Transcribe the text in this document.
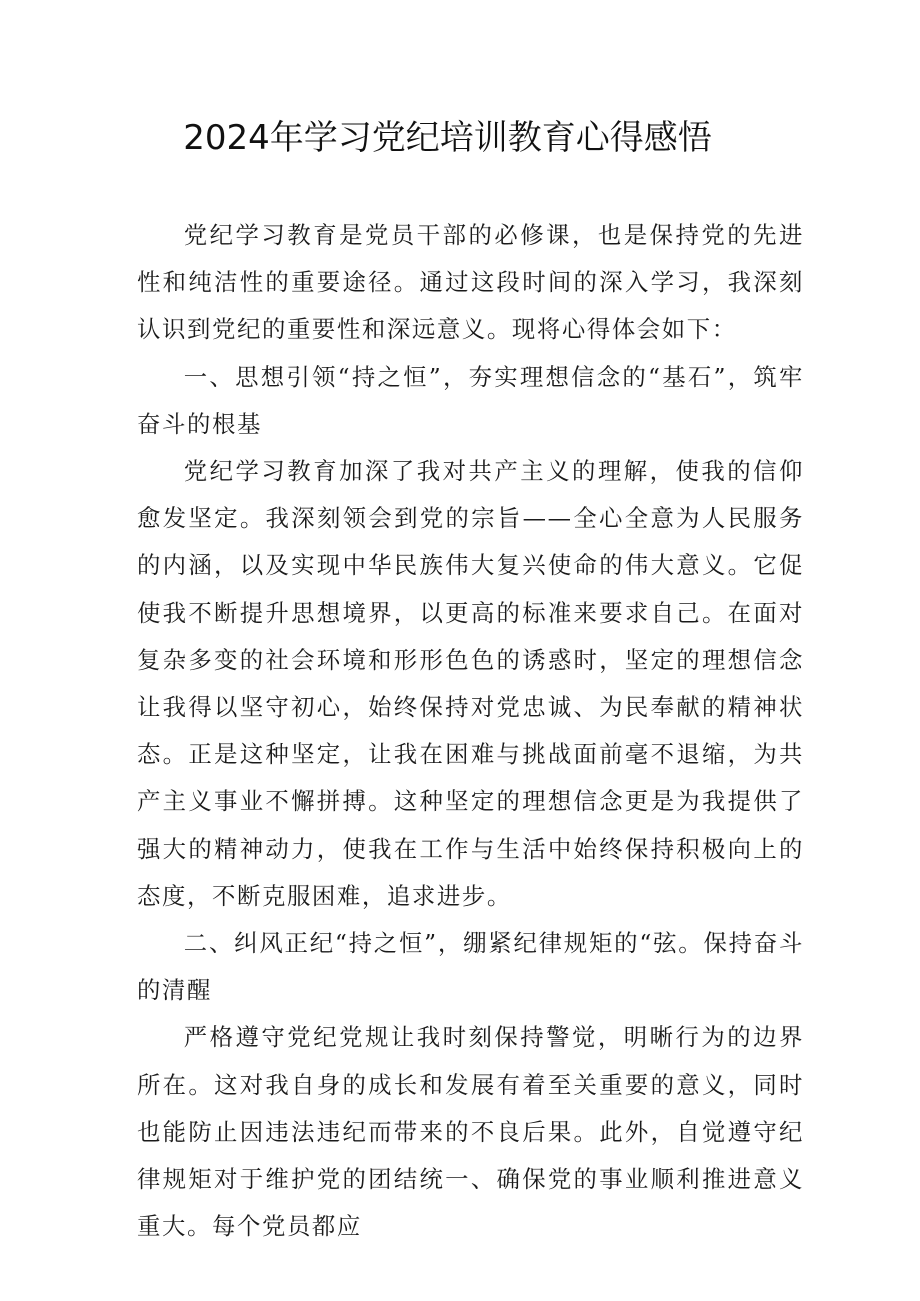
2024年学习党纪培训教育心得感悟

党纪学习教育是党员干部的必修课，也是保持党的先进性和纯洁性的重要途径。通过这段时间的深入学习，我深刻认识到党纪的重要性和深远意义。现将心得体会如下：

一、思想引领“持之恒”，夯实理想信念的“基石”，筑牢奋斗的根基

党纪学习教育加深了我对共产主义的理解，使我的信仰愈发坚定。我深刻领会到党的宗旨——全心全意为人民服务的内涵，以及实现中华民族伟大复兴使命的伟大意义。它促使我不断提升思想境界，以更高的标准来要求自己。在面对复杂多变的社会环境和形形色色的诱惑时，坚定的理想信念让我得以坚守初心，始终保持对党忠诚、为民奉献的精神状态。正是这种坚定，让我在困难与挑战面前毫不退缩，为共产主义事业不懈拼搏。这种坚定的理想信念更是为我提供了强大的精神动力，使我在工作与生活中始终保持积极向上的态度，不断克服困难，追求进步。

二、纠风正纪“持之恒”，绷紧纪律规矩的“弦。保持奋斗的清醒

严格遵守党纪党规让我时刻保持警觉，明晰行为的边界所在。这对我自身的成长和发展有着至关重要的意义，同时也能防止因违法违纪而带来的不良后果。此外，自觉遵守纪律规矩对于维护党的团结统一、确保党的事业顺利推进意义重大。每个党员都应
